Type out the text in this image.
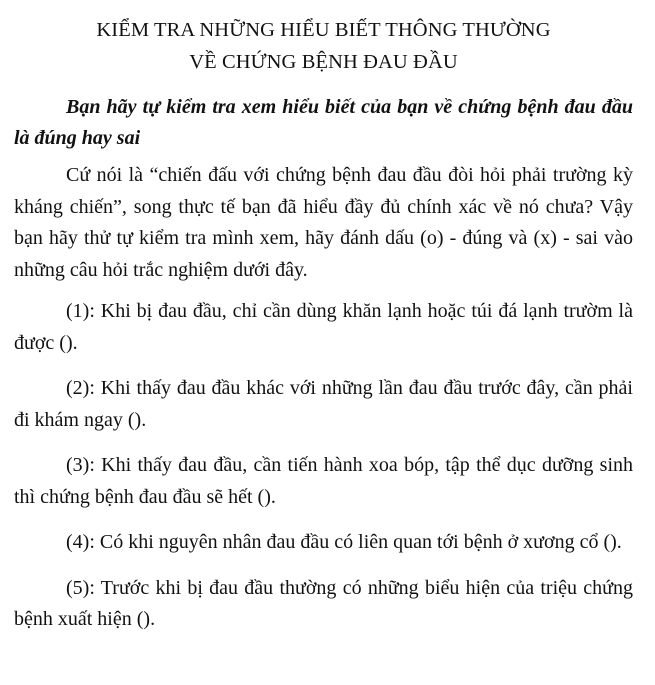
KIỂM TRA NHỮNG HIỂU BIẾT THÔNG THƯỜNG
VỀ CHỨNG BỆNH ĐAU ĐẦU

Bạn hãy tự kiểm tra xem hiểu biết của bạn về chứng bệnh đau đầu là đúng hay sai

Cứ nói là “chiến đấu với chứng bệnh đau đầu đòi hỏi phải trường kỳ kháng chiến”, song thực tế bạn đã hiểu đầy đủ chính xác về nó chưa? Vậy bạn hãy thử tự kiểm tra mình xem, hãy đánh dấu (o) - đúng và (x) - sai vào những câu hỏi trắc nghiệm dưới đây.

(1): Khi bị đau đầu, chỉ cần dùng khăn lạnh hoặc túi đá lạnh trườm là được ().

(2): Khi thấy đau đầu khác với những lần đau đầu trước đây, cần phải đi khám ngay ().

(3): Khi thấy đau đầu, cần tiến hành xoa bóp, tập thể dục dưỡng sinh thì chứng bệnh đau đầu sẽ hết ().

(4): Có khi nguyên nhân đau đầu có liên quan tới bệnh ở xương cổ ().

(5): Trước khi bị đau đầu thường có những biểu hiện của triệu chứng bệnh xuất hiện ().
